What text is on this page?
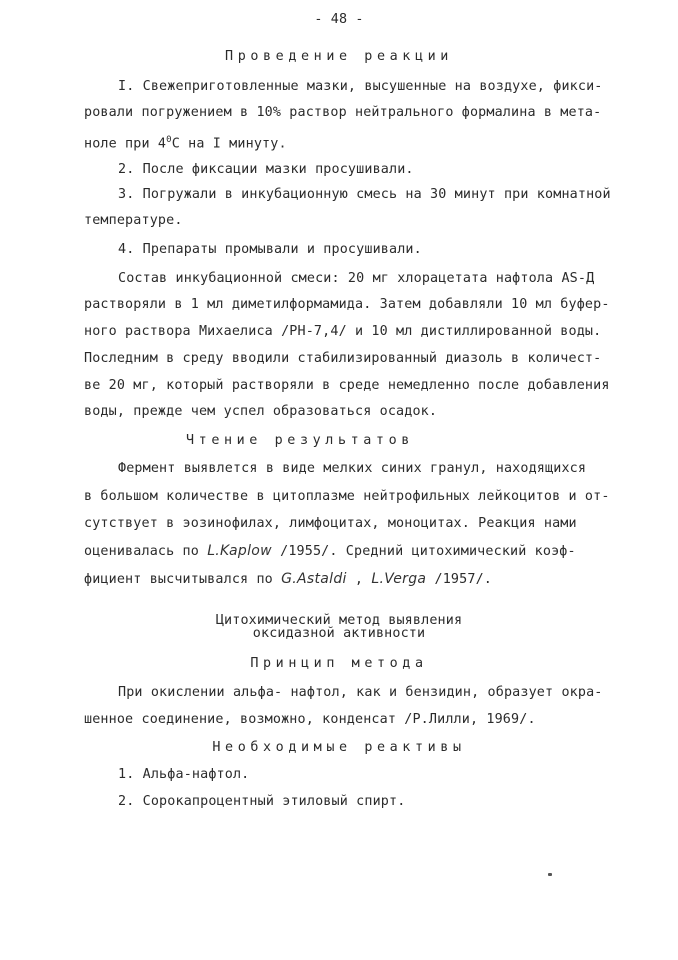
- 48 -
Проведение реакции
I. Свежеприготовленные мазки, высушенные на воздухе, фикси-
ровали погружением в 10% раствор нейтрального формалина в мета-
ноле при $4^0С$ на I минуту.
2. После фиксации мазки просушивали.
3. Погружали в инкубационную смесь на 30 минут при комнатной
температуре.
4. Препараты промывали и просушивали.
Состав инкубационной смеси: 20 мг хлорацетата нафтола AS-Д
растворяли в 1 мл диметилформамида. Затем добавляли 10 мл буфер-
ного раствора Михаелиса /РН-7,4/ и 10 мл дистиллированной воды.
Последним в среду вводили стабилизированный диазоль в количест-
ве 20 мг, который растворяли в среде немедленно после добавления
воды, прежде чем успел образоваться осадок.
Чтение результатов
Фермент выявлется в виде мелких синих гранул, находящихся
в большом количестве в цитоплазме нейтрофильных лейкоцитов и от-
сутствует в эозинофилах, лимфоцитах, моноцитах. Реакция нами
оценивалась по L.Kaplow /1955/. Средний цитохимический коэф-
фициент высчитывался по G.Astaldi , L.Verga /1957/.
Цитохимический метод выявления
оксидазной активности
Принцип метода
При окислении альфа- нафтол, как и бензидин, образует окра-
шенное соединение, возможно, конденсат /Р.Лилли, 1969/.
Необходимые реактивы
1. Альфа-нафтол.
2. Сорокапроцентный этиловый спирт.
